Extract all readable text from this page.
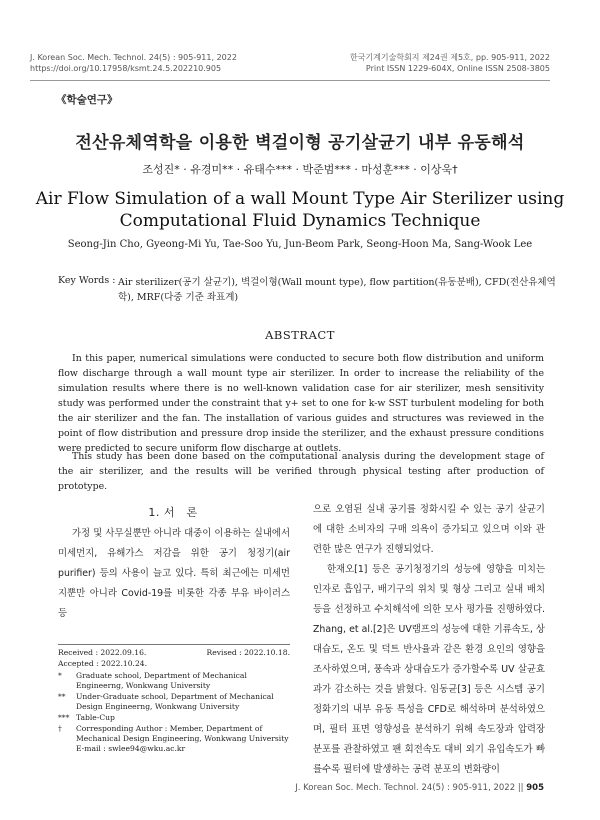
J. Korean Soc. Mech. Technol. 24(5) : 905-911, 2022
https://doi.org/10.17958/ksmt.24.5.202210.905
한국기계기술학회지 제24권 제5호, pp. 905-911, 2022
Print ISSN 1229-604X, Online ISSN 2508-3805
《학술연구》
전산유체역학을 이용한 벽걸이형 공기살균기 내부 유동해석
조성진* · 유경미** · 유태수*** · 박준범*** · 마성훈*** · 이상욱†
Air Flow Simulation of a wall Mount Type Air Sterilizer using
Computational Fluid Dynamics Technique
Seong-Jin Cho, Gyeong-Mi Yu, Tae-Soo Yu, Jun-Beom Park, Seong-Hoon Ma, Sang-Wook Lee
Key Words : Air sterilizer(공기 살균기), 벽걸이형(Wall mount type), flow partition(유동분배), CFD(전산유체역학), MRF(다중 기준 좌표계)
ABSTRACT
In this paper, numerical simulations were conducted to secure both flow distribution and uniform flow discharge through a wall mount type air sterilizer. In order to increase the reliability of the simulation results where there is no well-known validation case for air sterilizer, mesh sensitivity study was performed under the constraint that y+ set to one for k-w SST turbulent modeling for both the air sterilizer and the fan. The installation of various guides and structures was reviewed in the point of flow distribution and pressure drop inside the sterilizer, and the exhaust pressure conditions were predicted to secure uniform flow discharge at outlets.
This study has been done based on the computational analysis during the development stage of the air sterilizer, and the results will be verified through physical testing after production of prototype.
1. 서　론
가정 및 사무실뿐만 아니라 대중이 이용하는 실내에서 미세먼지, 유해가스 저감을 위한 공기 청정기(air purifier) 등의 사용이 늘고 있다. 특히 최근에는 미세먼지뿐만 아니라 Covid-19를 비롯한 각종 부유 바이러스 등
으로 오염된 실내 공기를 정화시킬 수 있는 공기 살균기에 대한 소비자의 구매 의욕이 증가되고 있으며 이와 관련한 많은 연구가 진행되었다.
한재오[1] 등은 공기청정기의 성능에 영향을 미치는 인자로 흡입구, 배기구의 위치 및 형상 그리고 실내 배치 등을 선정하고 수치해석에 의한 모사 평가를 진행하였다. Zhang, et al.[2]은 UV램프의 성능에 대한 기류속도, 상대습도, 온도 및 덕트 반사율과 같은 환경 요인의 영향을 조사하였으며, 풍속과 상대습도가 증가할수록 UV 살균효과가 감소하는 것을 밝혔다. 임동균[3] 등은 시스템 공기 정화기의 내부 유동 특성을 CFD로 해석하며 분석하였으며, 필터 표면 영향성을 분석하기 위해 속도장과 압력장 분포를 관찰하였고 팬 회전속도 대비 외기 유입속도가 빠를수록 필터에 발생하는 공력 분포의 변화량이
Received : 2022.09.16.	Revised : 2022.10.18.
Accepted : 2022.10.24.
*	Graduate school, Department of Mechanical Engineerng, Wonkwang University
**	Under-Graduate school, Department of Mechanical Design Engineerng, Wonkwang University
*** Table-Cup
†	Corresponding Author : Member, Department of Mechanical Design Engineering, Wonkwang University
E-mail : swlee94@wku.ac.kr
J. Korean Soc. Mech. Technol. 24(5) : 905-911, 2022 || 905
